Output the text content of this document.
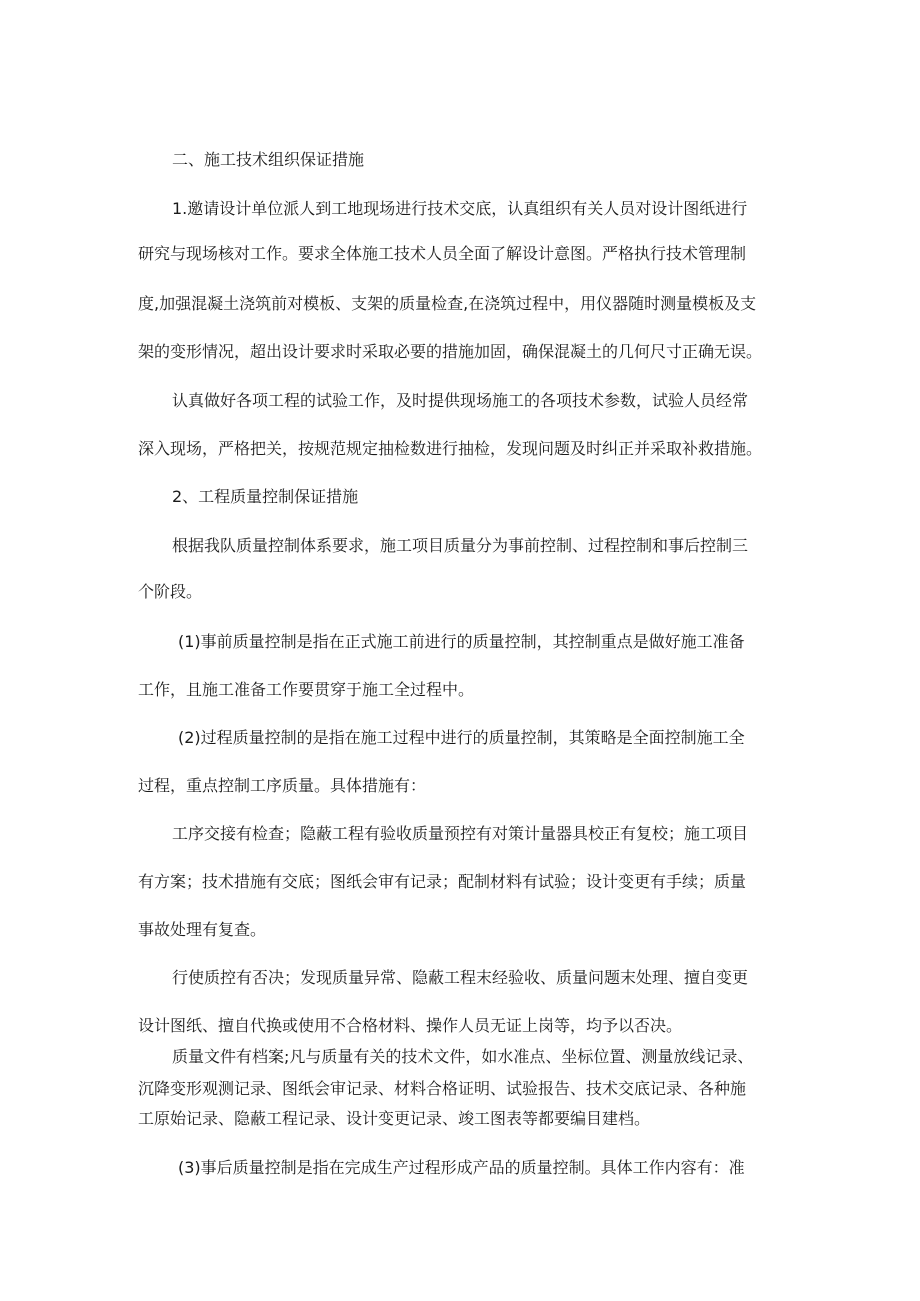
二、施工技术组织保证措施
1.邀请设计单位派人到工地现场进行技术交底，认真组织有关人员对设计图纸进行
研究与现场核对工作。要求全体施工技术人员全面了解设计意图。严格执行技术管理制
度,加强混凝土浇筑前对模板、支架的质量检查,在浇筑过程中，用仪器随时测量模板及支
架的变形情况，超出设计要求时采取必要的措施加固，确保混凝土的几何尺寸正确无误。
认真做好各项工程的试验工作，及时提供现场施工的各项技术参数，试验人员经常
深入现场，严格把关，按规范规定抽检数进行抽检，发现问题及时纠正并采取补救措施。
2、工程质量控制保证措施
根据我队质量控制体系要求，施工项目质量分为事前控制、过程控制和事后控制三
个阶段。
(1)事前质量控制是指在正式施工前进行的质量控制，其控制重点是做好施工准备
工作，且施工准备工作要贯穿于施工全过程中。
(2)过程质量控制的是指在施工过程中进行的质量控制，其策略是全面控制施工全
过程，重点控制工序质量。具体措施有：
工序交接有检查；隐蔽工程有验收质量预控有对策计量器具校正有复校；施工项目
有方案；技术措施有交底；图纸会审有记录；配制材料有试验；设计变更有手续；质量
事故处理有复查。
行使质控有否决；发现质量异常、隐蔽工程末经验收、质量问题末处理、擅自变更
设计图纸、擅自代换或使用不合格材料、操作人员无证上岗等，均予以否决。
质量文件有档案;凡与质量有关的技术文件，如水准点、坐标位置、测量放线记录、
沉降变形观测记录、图纸会审记录、材料合格证明、试验报告、技术交底记录、各种施
工原始记录、隐蔽工程记录、设计变更记录、竣工图表等都要编目建档。
(3)事后质量控制是指在完成生产过程形成产品的质量控制。具体工作内容有：准
